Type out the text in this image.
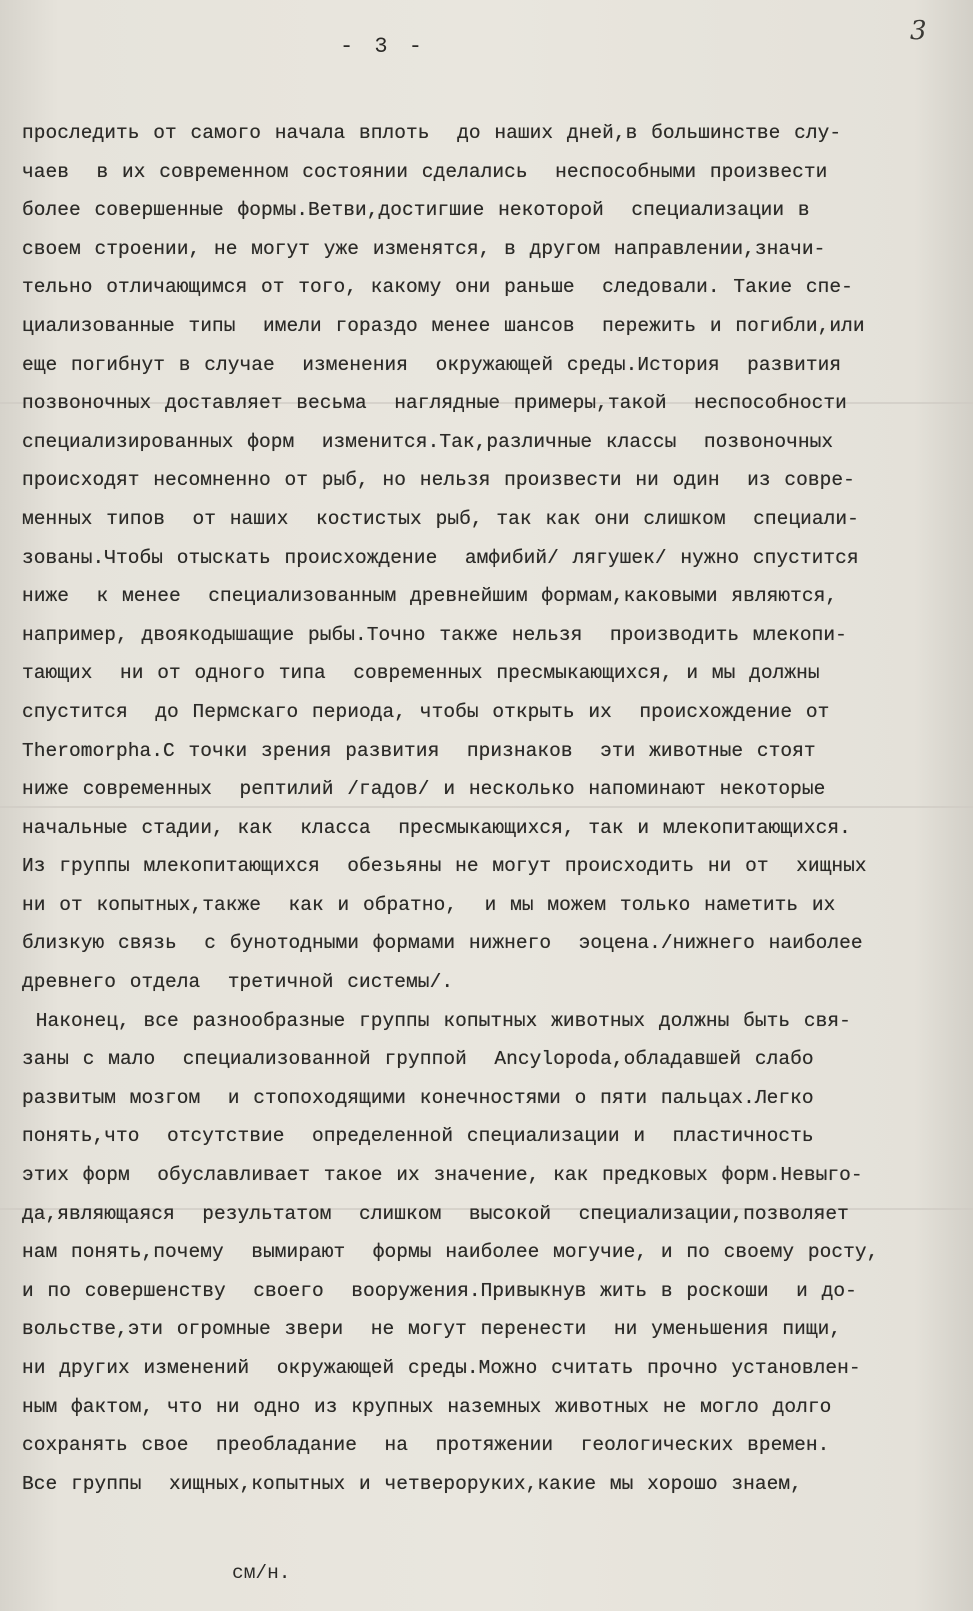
- 3 -
3
проследить от самого начала вплоть  до наших дней,в большинстве слу-
чаев  в их современном состоянии сделались  неспособными произвести
более совершенные формы.Ветви,достигшие некоторой  специализации в
своем строении, не могут уже изменятся, в другом направлении,значи-
тельно отличающимся от того, какому они раньше  следовали. Такие спе-
циализованные типы  имели гораздо менее шансов  пережить и погибли,или
еще погибнут в случае  изменения  окружающей среды.История  развития
позвоночных доставляет весьма  наглядные примеры,такой  неспособности
специализированных форм  изменится.Так,различные классы  позвоночных
происходят несомненно от рыб, но нельзя произвести ни один  из совре-
менных типов  от наших  костистых рыб, так как они слишком  специали-
зованы.Чтобы отыскать происхождение  амфибий/ лягушек/ нужно спустится
ниже  к менее  специализованным древнейшим формам,каковыми являются,
например, двоякодышащие рыбы.Точно также нельзя  производить млекопи-
тающих  ни от одного типа  современных пресмыкающихся, и мы должны
спустится  до Пермскаго периода, чтобы открыть их  происхождение от
Theromorpha.С точки зрения развития  признаков  эти животные стоят
ниже современных  рептилий /гадов/ и несколько напоминают некоторые
начальные стадии, как  класса  пресмыкающихся, так и млекопитающихся.
Из группы млекопитающихся  обезьяны не могут происходить ни от  хищных
ни от копытных,также  как и обратно,  и мы можем только наметить их
близкую связь  с бунотодными формами нижнего  эоцена./нижнего наиболее
древнего отдела  третичной системы/.
Наконец, все разнообразные группы копытных животных должны быть свя-
заны с мало  специализованной группой  Ancylopoda,обладавшей слабо
развитым мозгом  и стопоходящими конечностями о пяти пальцах.Легко
понять,что  отсутствие  определенной специализации и  пластичность
этих форм  обуславливает такое их значение, как предковых форм.Невыго-
да,являющаяся  результатом  слишком  высокой  специализации,позволяет
нам понять,почему  вымирают  формы наиболее могучие, и по своему росту,
и по совершенству  своего  вооружения.Привыкнув жить в роскоши  и до-
вольстве,эти огромные звери  не могут перенести  ни уменьшения пищи,
ни других изменений  окружающей среды.Можно считать прочно установлен-
ным фактом, что ни одно из крупных наземных животных не могло долго
сохранять свое  преобладание  на  протяжении  геологических времен.
Все группы  хищных,копытных и четвероруких,какие мы хорошо знаем,
см/н.
